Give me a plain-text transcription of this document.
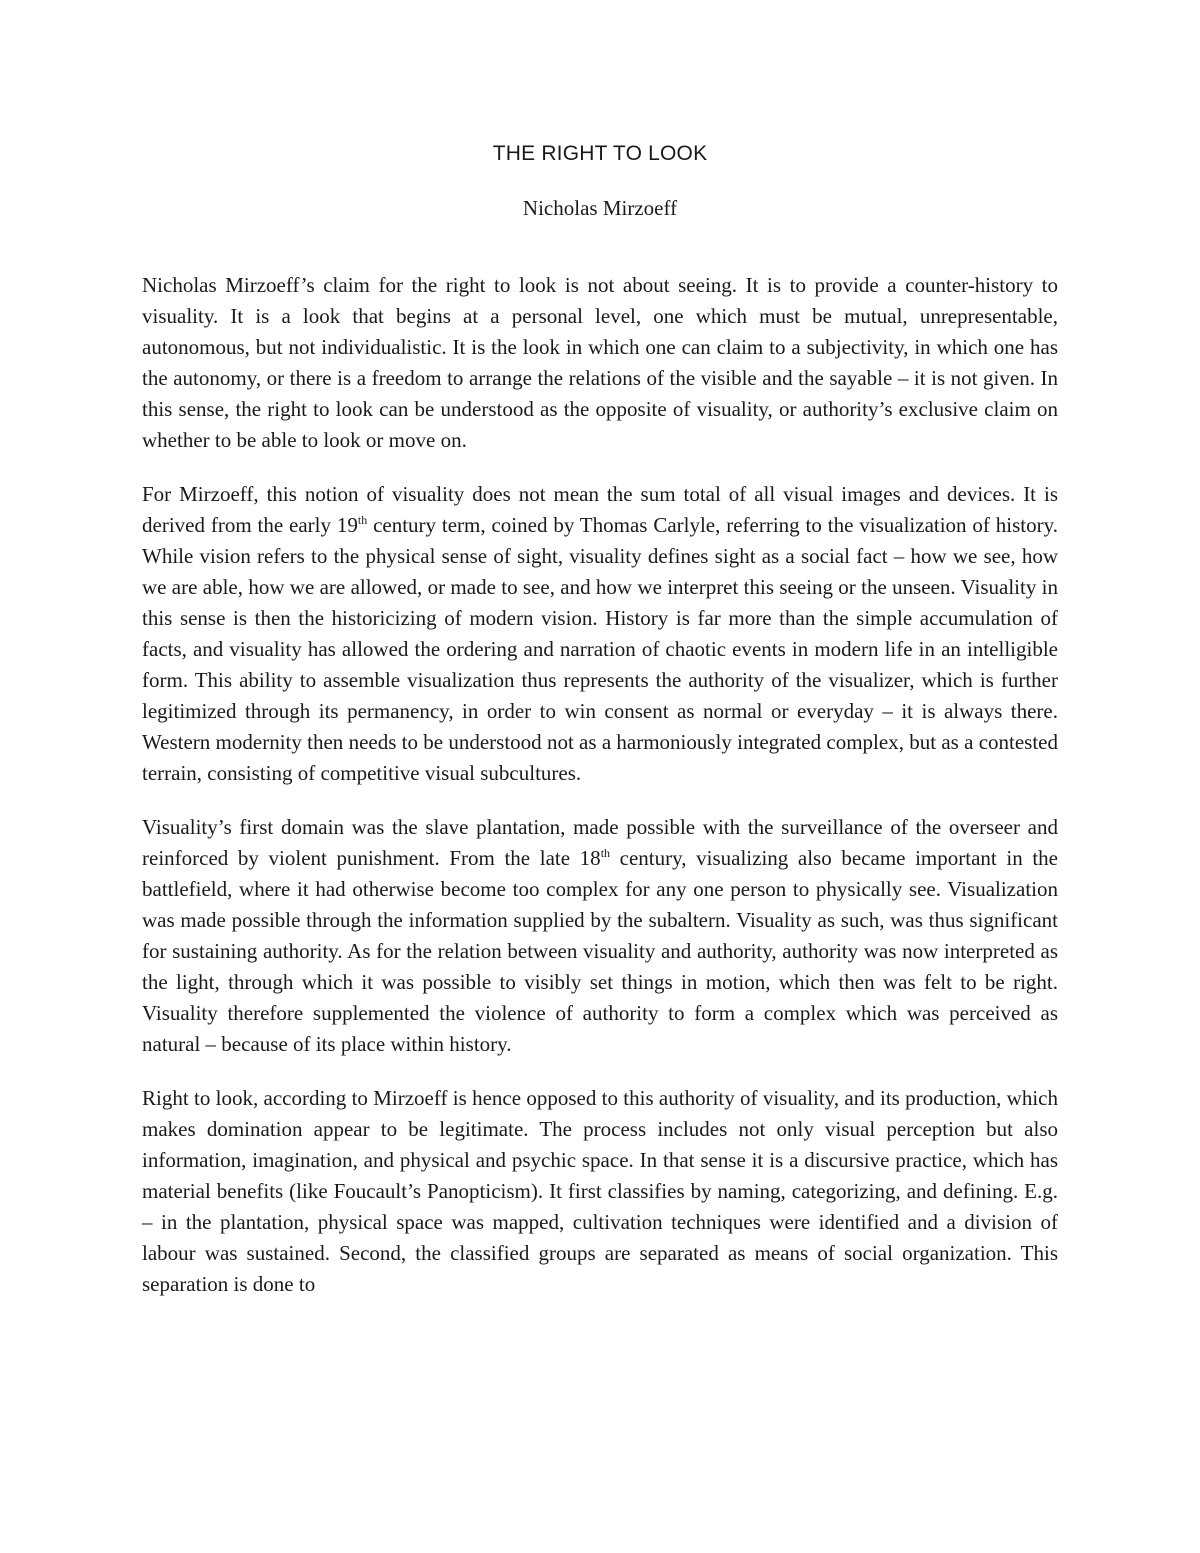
THE RIGHT TO LOOK
Nicholas Mirzoeff

Nicholas Mirzoeff’s claim for the right to look is not about seeing. It is to provide a counter-history to visuality. It is a look that begins at a personal level, one which must be mutual, unrepresentable, autonomous, but not individualistic. It is the look in which one can claim to a subjectivity, in which one has the autonomy, or there is a freedom to arrange the relations of the visible and the sayable – it is not given. In this sense, the right to look can be understood as the opposite of visuality, or authority’s exclusive claim on whether to be able to look or move on.

For Mirzoeff, this notion of visuality does not mean the sum total of all visual images and devices. It is derived from the early 19th century term, coined by Thomas Carlyle, referring to the visualization of history. While vision refers to the physical sense of sight, visuality defines sight as a social fact – how we see, how we are able, how we are allowed, or made to see, and how we interpret this seeing or the unseen. Visuality in this sense is then the historicizing of modern vision. History is far more than the simple accumulation of facts, and visuality has allowed the ordering and narration of chaotic events in modern life in an intelligible form. This ability to assemble visualization thus represents the authority of the visualizer, which is further legitimized through its permanency, in order to win consent as normal or everyday – it is always there. Western modernity then needs to be understood not as a harmoniously integrated complex, but as a contested terrain, consisting of competitive visual subcultures.

Visuality’s first domain was the slave plantation, made possible with the surveillance of the overseer and reinforced by violent punishment. From the late 18th century, visualizing also became important in the battlefield, where it had otherwise become too complex for any one person to physically see. Visualization was made possible through the information supplied by the subaltern. Visuality as such, was thus significant for sustaining authority. As for the relation between visuality and authority, authority was now interpreted as the light, through which it was possible to visibly set things in motion, which then was felt to be right. Visuality therefore supplemented the violence of authority to form a complex which was perceived as natural – because of its place within history.

Right to look, according to Mirzoeff is hence opposed to this authority of visuality, and its production, which makes domination appear to be legitimate. The process includes not only visual perception but also information, imagination, and physical and psychic space. In that sense it is a discursive practice, which has material benefits (like Foucault’s Panopticism). It first classifies by naming, categorizing, and defining. E.g. – in the plantation, physical space was mapped, cultivation techniques were identified and a division of labour was sustained. Second, the classified groups are separated as means of social organization. This separation is done to
